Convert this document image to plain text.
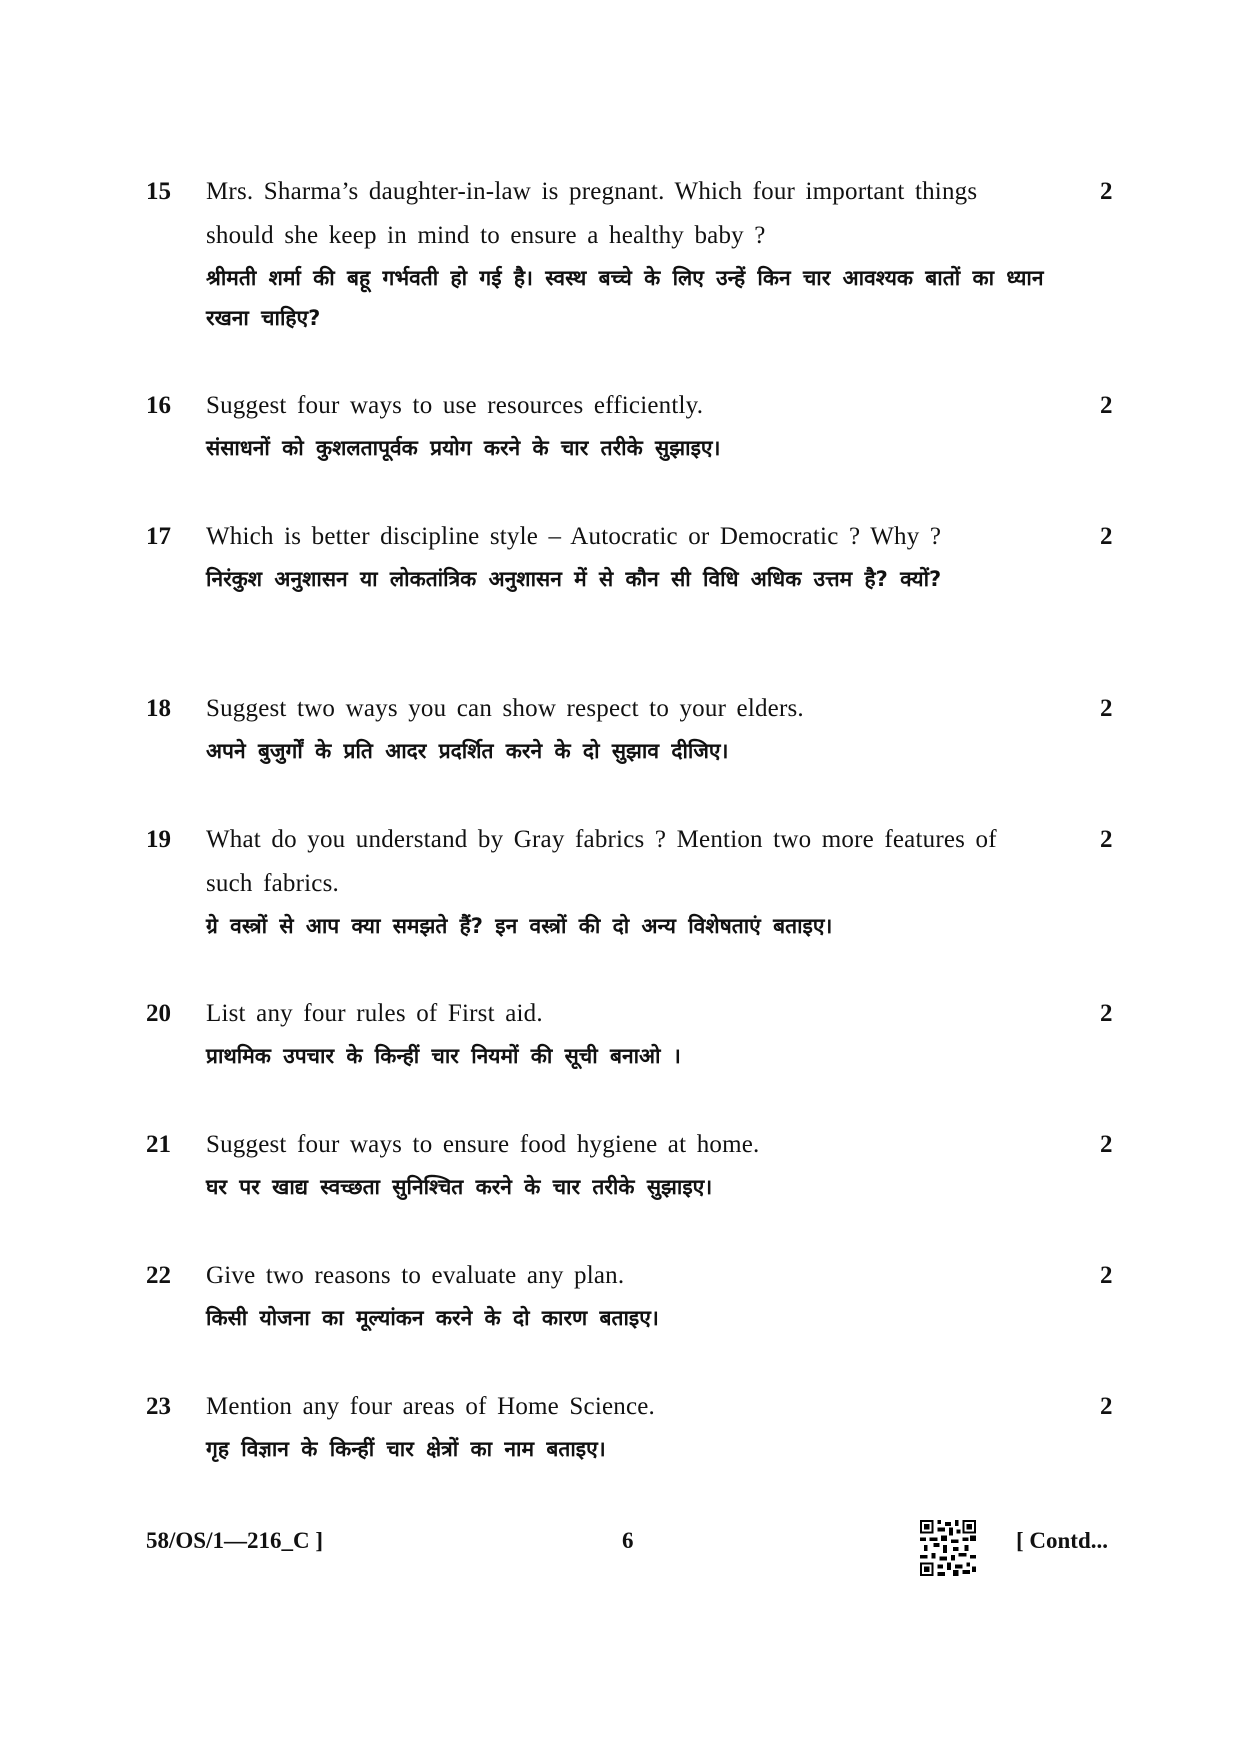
15 Mrs. Sharma’s daughter-in-law is pregnant. Which four important things should she keep in mind to ensure a healthy baby ?
श्रीमती शर्मा की बहू गर्भवती हो गई है। स्वस्थ बच्चे के लिए उन्हें किन चार आवश्यक बातों का ध्यान रखना चाहिए?
2
16 Suggest four ways to use resources efficiently.
संसाधनों को कुशलतापूर्वक प्रयोग करने के चार तरीके सुझाइए।
2
17 Which is better discipline style – Autocratic or Democratic ? Why ?
निरंकुश अनुशासन या लोकतांत्रिक अनुशासन में से कौन सी विधि अधिक उत्तम है? क्यों?
2
18 Suggest two ways you can show respect to your elders.
अपने बुजुर्गों के प्रति आदर प्रदर्शित करने के दो सुझाव दीजिए।
2
19 What do you understand by Gray fabrics ? Mention two more features of such fabrics.
ग्रे वस्त्रों से आप क्या समझते हैं? इन वस्त्रों की दो अन्य विशेषताएं बताइए।
2
20 List any four rules of First aid.
प्राथमिक उपचार के किन्हीं चार नियमों की सूची बनाओ ।
2
21 Suggest four ways to ensure food hygiene at home.
घर पर खाद्य स्वच्छता सुनिश्चित करने के चार तरीके सुझाइए।
2
22 Give two reasons to evaluate any plan.
किसी योजना का मूल्यांकन करने के दो कारण बताइए।
2
23 Mention any four areas of Home Science.
गृह विज्ञान के किन्हीं चार क्षेत्रों का नाम बताइए।
2
58/OS/1—216_C ]	6	[ Contd...
